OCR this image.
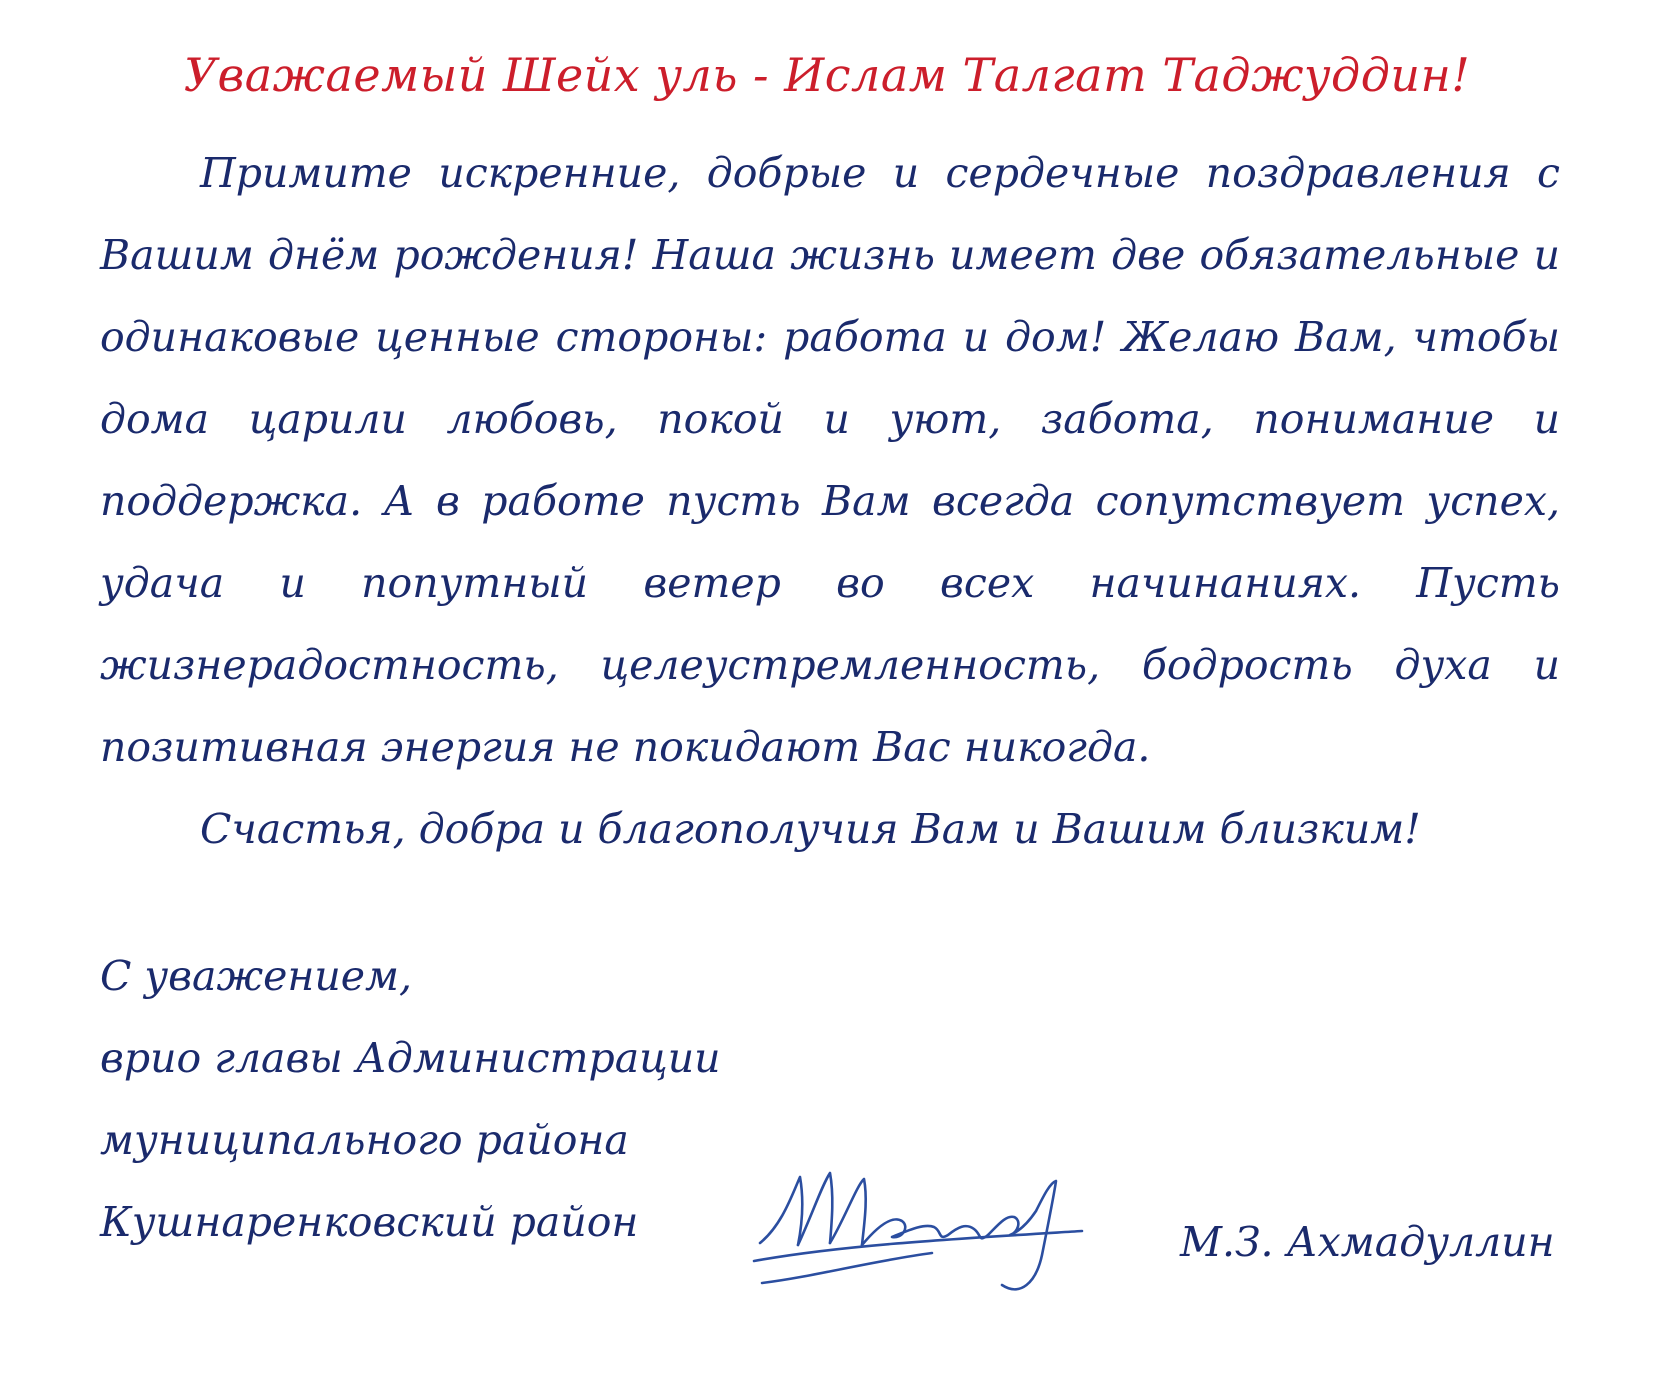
Уважаемый Шейх уль - Ислам Талгат Таджуддин!

Примите искренние, добрые и сердечные поздравления с Вашим днём рождения! Наша жизнь имеет две обязательные и одинаковые ценные стороны: работа и дом! Желаю Вам, чтобы дома царили любовь, покой и уют, забота, понимание и поддержка. А в работе пусть Вам всегда сопутствует успех, удача и попутный ветер во всех начинаниях. Пусть жизнерадостность, целеустремленность, бодрость духа и позитивная энергия не покидают Вас никогда.

Счастья, добра и благополучия Вам и Вашим близким!

С уважением,
врио главы Администрации
муниципального района
Кушнаренковский район	М.З. Ахмадуллин
